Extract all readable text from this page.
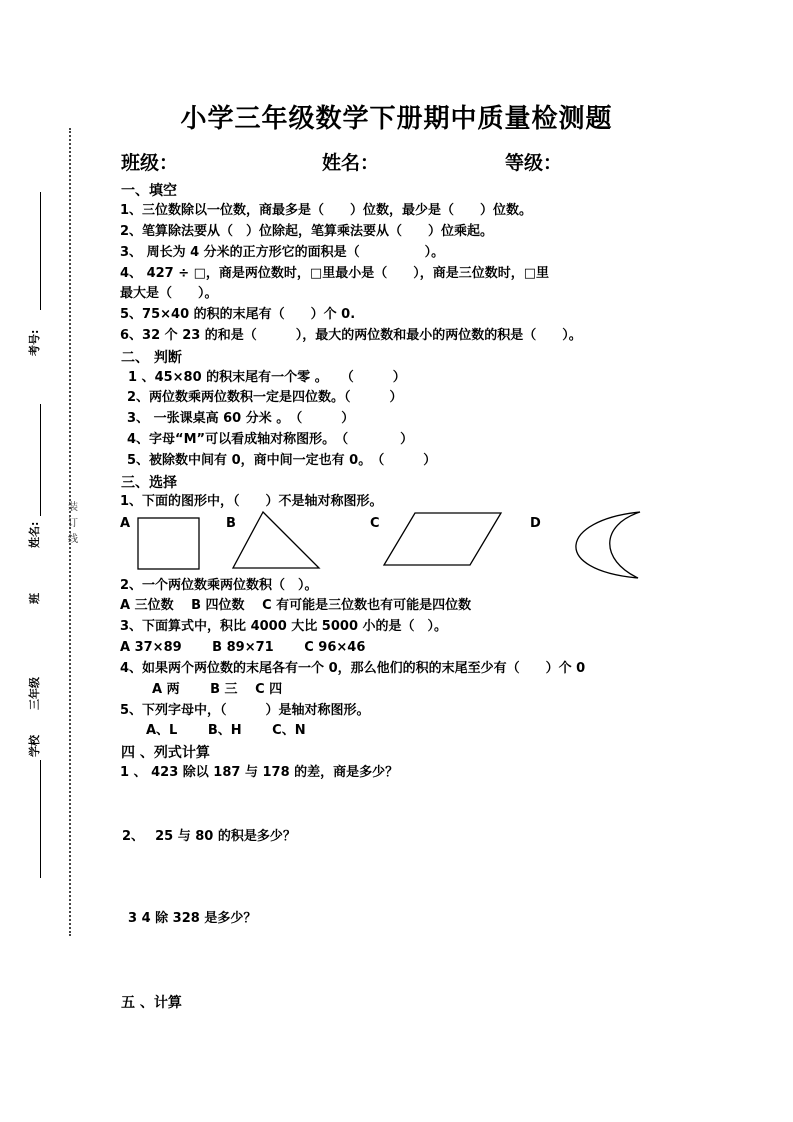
装订线
考号:
姓名:
班
三年级
学校
小学三年级数学下册期中质量检测题
班级：	姓名：	等级：
一、填空
1、三位数除以一位数，商最多是（　　）位数，最少是（　　）位数。
2、笔算除法要从（　）位除起，笔算乘法要从（　　）位乘起。
3、 周长为 4 分米的正方形它的面积是（　　　　　）。
4、 427 ÷ □，商是两位数时，□里最小是（　　），商是三位数时，□里
最大是（　　）。
5、75×40 的积的末尾有（　　）个 0.
6、32 个 23 的和是（　　　），最大的两位数和最小的两位数的积是（　　）。
二、 判断
1 、45×80 的积末尾有一个零 。　　（　　　）
2、两位数乘两位数积一定是四位数。（　　　）
3、 一张课桌高 60 分米 。　（　　　）
4、字母“M”可以看成轴对称图形。　（　　　　）
5、被除数中间有 0，商中间一定也有 0。　（　　　）
三、选择
1、下面的图形中，（　　）不是轴对称图形。
A	B	C	D
2、一个两位数乘两位数积（　）。
A 三位数　 B 四位数　 C 有可能是三位数也有可能是四位数
3、下面算式中，积比 4000 大比 5000 小的是（　）。
A 37×89　　 B 89×71　　 C 96×46
4、如果两个两位数的末尾各有一个 0，那么他们的积的末尾至少有（　　）个 0
A 两　　 B 三　 C 四
5、下列字母中，（　　　）是轴对称图形。
A、L　　 B、H　　 C、N
四 、列式计算
1 、 423 除以 187 与 178 的差，商是多少？
2、　 25 与 80 的积是多少？
3 4 除 328 是多少？
五 、计算
